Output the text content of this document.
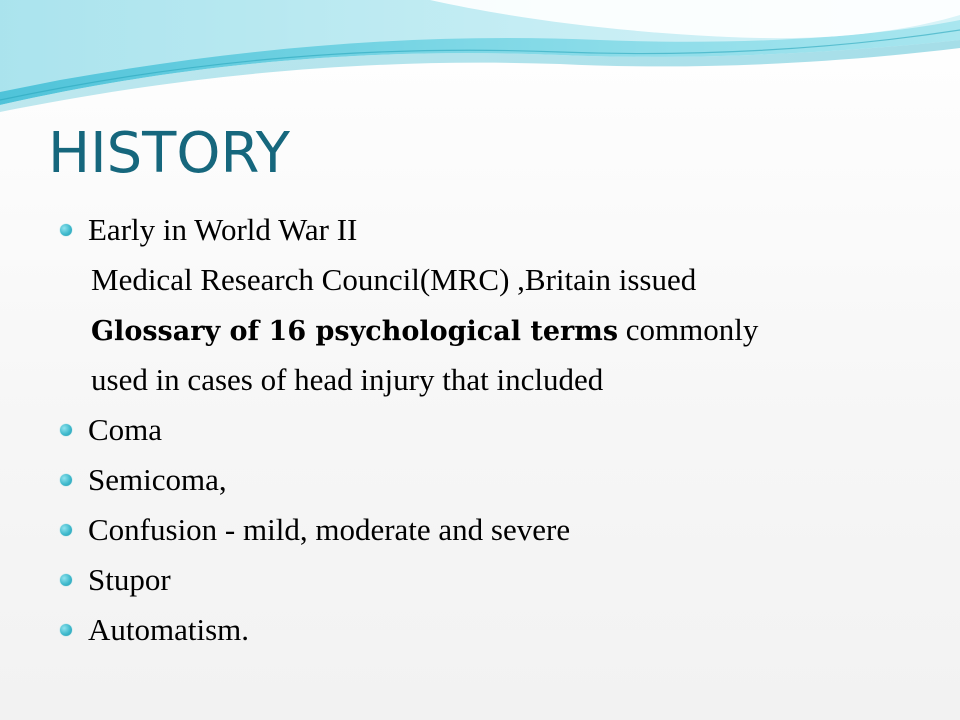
HISTORY
Early in World War II
Medical Research Council(MRC) ,Britain issued
Glossary of 16 psychological terms commonly
used in cases of head injury that included
Coma
Semicoma,
Confusion - mild, moderate and severe
Stupor
Automatism.
